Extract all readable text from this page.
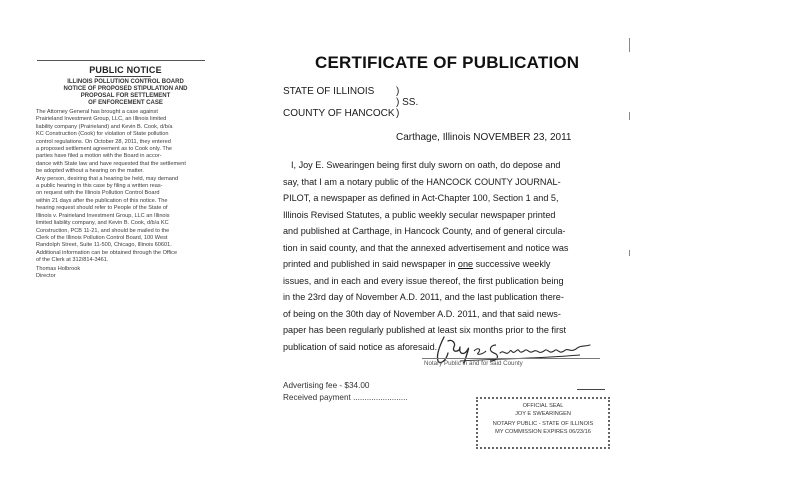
PUBLIC NOTICE
ILLINOIS POLLUTION CONTROL BOARD
NOTICE OF PROPOSED STIPULATION AND
PROPOSAL FOR SETTLEMENT
OF ENFORCEMENT CASE
The Attorney General has brought a case against
Prairieland Investment Group, LLC, an Illinois limited
liability company (Prairieland) and Kevin B. Cook, d/b/a
KC Construction (Cook) for violation of State pollution
control regulations. On October 28, 2011, they entered
a proposed settlement agreement as to Cook only. The
parties have filed a motion with the Board in accor-
dance with State law and have requested that the settlement
be adopted without a hearing on the matter.
Any person, desiring that a hearing be held, may demand
a public hearing in this case by filing a written reas-
on request with the Illinois Pollution Control Board
within 21 days after the publication of this notice. The
hearing request should refer to People of the State of
Illinois v. Prairieland Investment Group, LLC an Illinois
limited liability company, and Kevin B. Cook, d/b/a KC
Construction, PCB 11-21, and should be mailed to the
Clerk of the Illinois Pollution Control Board, 100 West
Randolph Street, Suite 11-500, Chicago, Illinois 60601.
Additional information can be obtained through the Office
of the Clerk at 312/814-3461.
Thomas Holbrook
Director
CERTIFICATE OF PUBLICATION
STATE OF ILLINOIS )
) SS.
COUNTY OF HANCOCK )
Carthage, Illinois NOVEMBER 23, 2011
I, Joy E. Swearingen being first duly sworn on oath, do depose and
say, that I am a notary public of the HANCOCK COUNTY JOURNAL-
PILOT, a newspaper as defined in Act-Chapter 100, Section 1 and 5,
Illinois Revised Statutes, a public weekly secular newspaper printed
and published at Carthage, in Hancock County, and of general circula-
tion in said county, and that the annexed advertisement and notice was
printed and published in said newspaper in one successive weekly
issues, and in each and every issue thereof, the first publication being
in the 23rd day of November A.D. 2011, and the last publication there-
of being on the 30th day of November A.D. 2011, and that said news-
paper has been regularly published at least six months prior to the first
publication of said notice as aforesaid.
Notary Public in and for said County
Advertising fee - $34.00
Received payment ........................
OFFICIAL SEAL
JOY E SWEARINGEN
NOTARY PUBLIC - STATE OF ILLINOIS
MY COMMISSION EXPIRES 06/23/16
